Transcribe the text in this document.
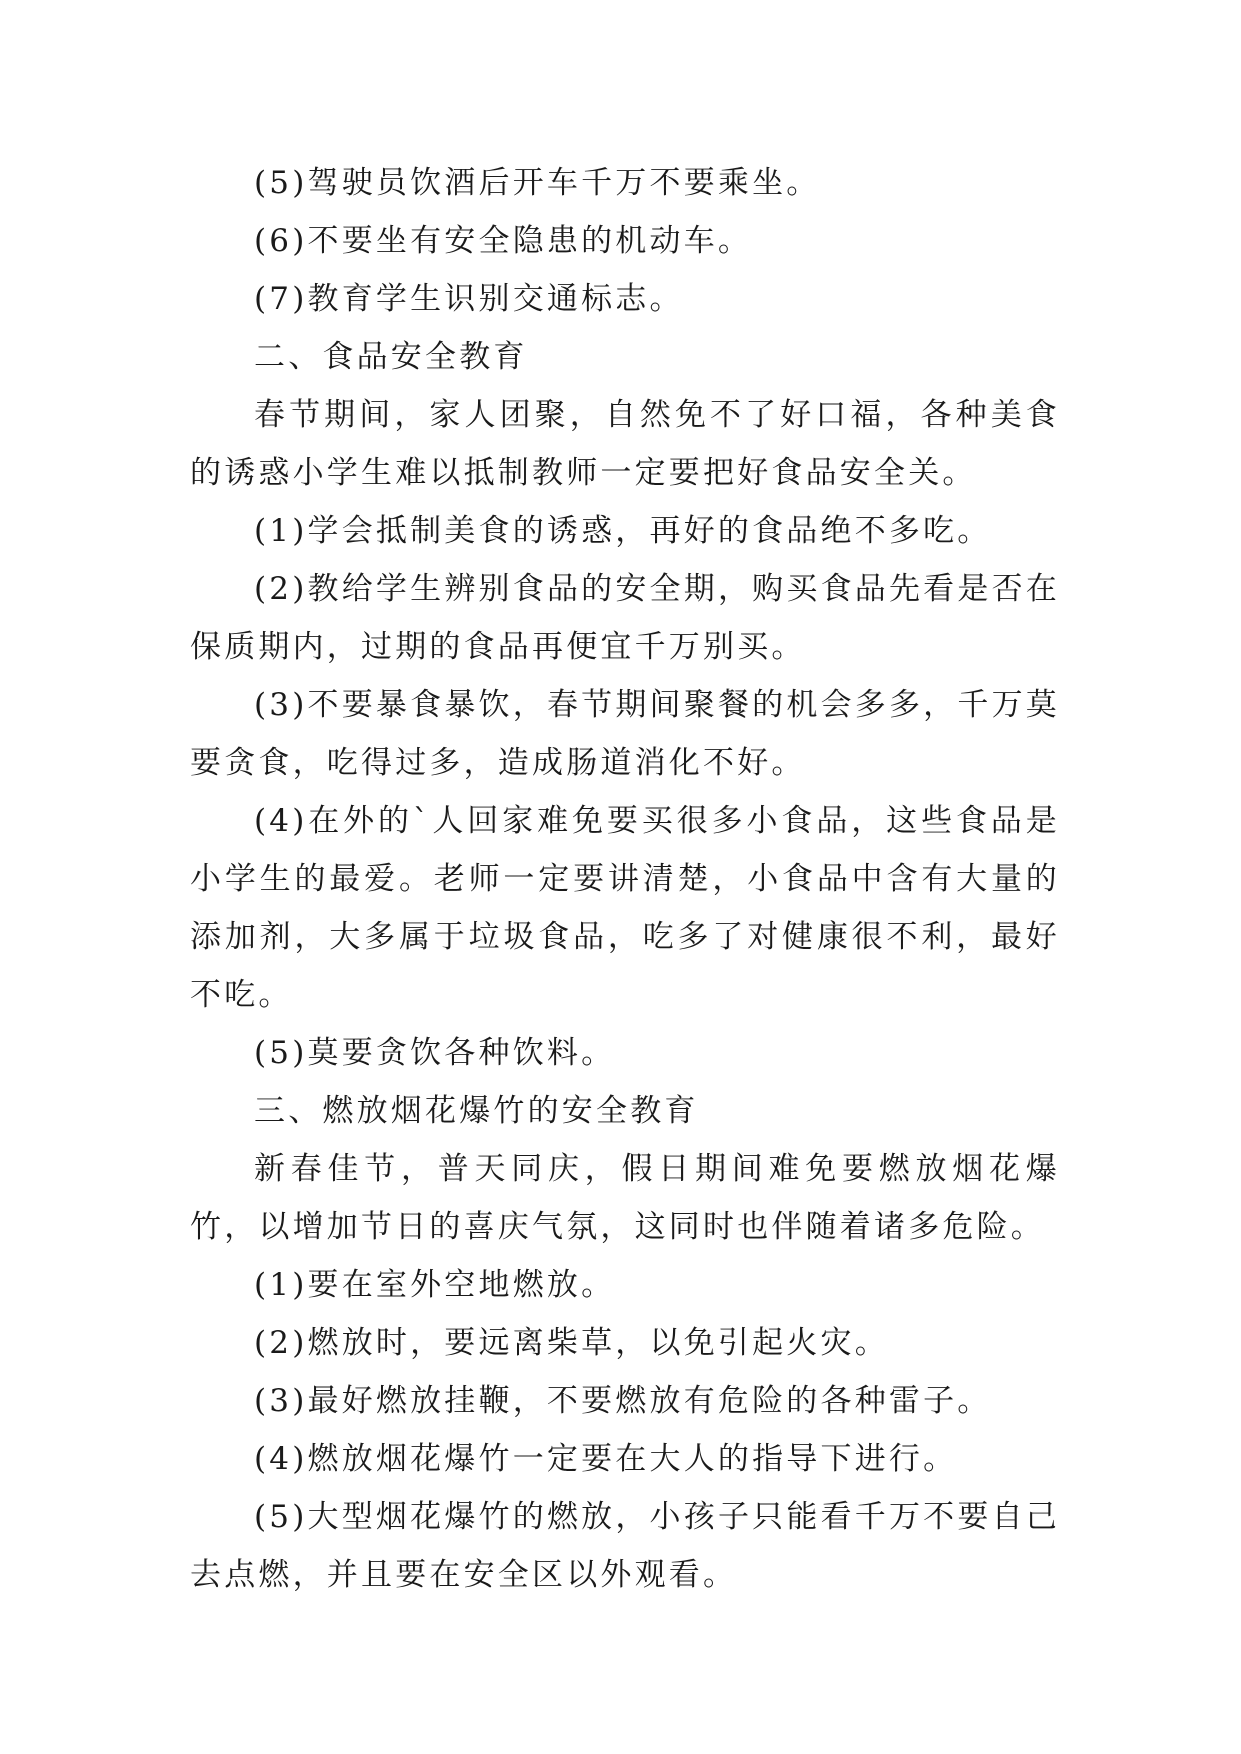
(5)驾驶员饮酒后开车千万不要乘坐。

(6)不要坐有安全隐患的机动车。

(7)教育学生识别交通标志。

二、食品安全教育

春节期间，家人团聚，自然免不了好口福，各种美食的诱惑小学生难以抵制教师一定要把好食品安全关。

(1)学会抵制美食的诱惑，再好的食品绝不多吃。

(2)教给学生辨别食品的安全期，购买食品先看是否在保质期内，过期的食品再便宜千万别买。

(3)不要暴食暴饮，春节期间聚餐的机会多多，千万莫要贪食，吃得过多，造成肠道消化不好。

(4)在外的`人回家难免要买很多小食品，这些食品是小学生的最爱。老师一定要讲清楚，小食品中含有大量的添加剂，大多属于垃圾食品，吃多了对健康很不利，最好不吃。

(5)莫要贪饮各种饮料。

三、燃放烟花爆竹的安全教育

新春佳节，普天同庆，假日期间难免要燃放烟花爆竹，以增加节日的喜庆气氛，这同时也伴随着诸多危险。

(1)要在室外空地燃放。

(2)燃放时，要远离柴草，以免引起火灾。

(3)最好燃放挂鞭，不要燃放有危险的各种雷子。

(4)燃放烟花爆竹一定要在大人的指导下进行。

(5)大型烟花爆竹的燃放，小孩子只能看千万不要自己去点燃，并且要在安全区以外观看。
